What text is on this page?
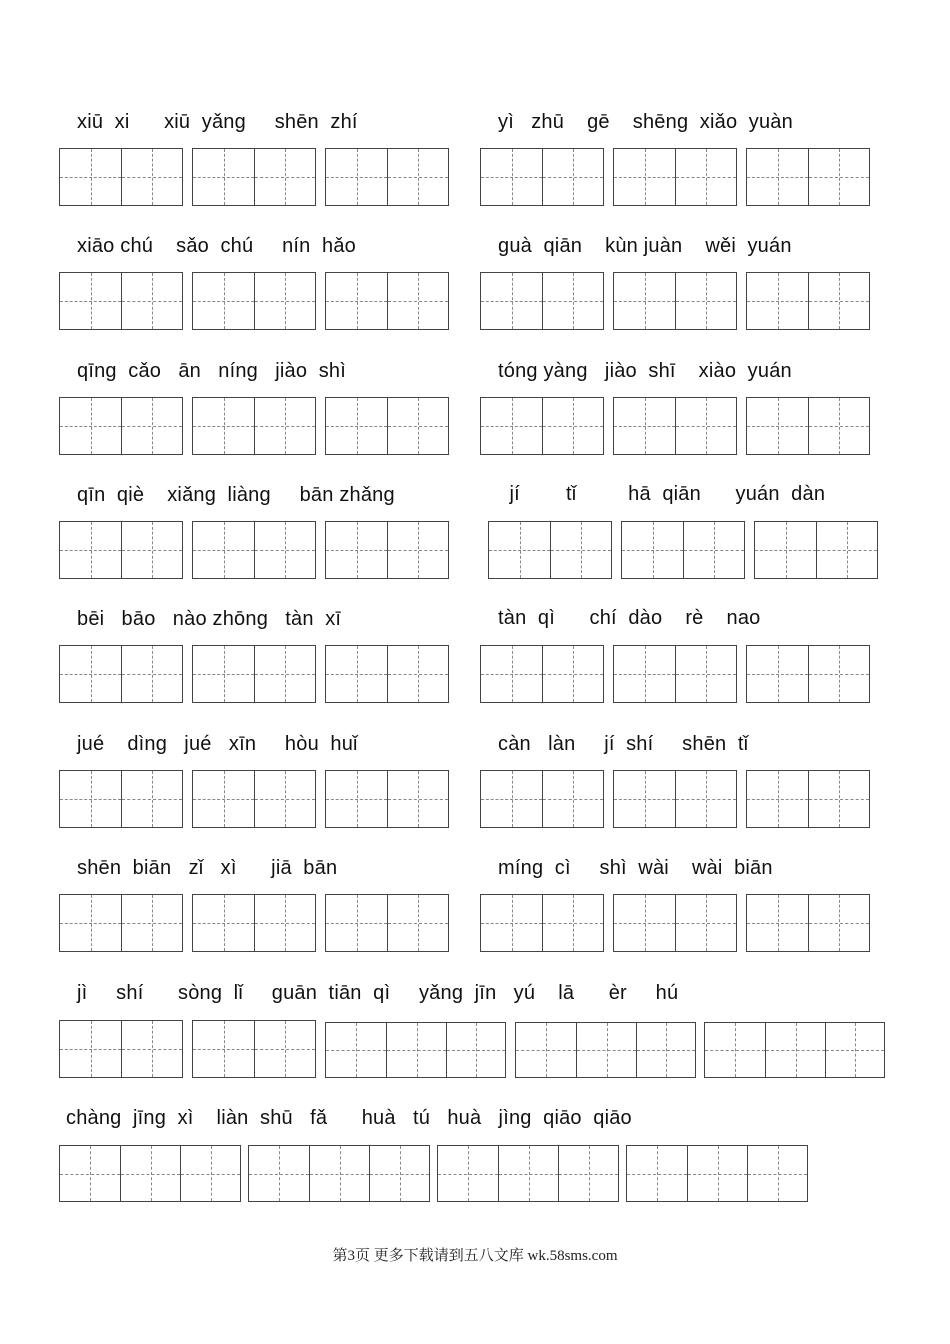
xiū  xi      xiū  yǎng     shēn  zhí	yì   zhū    gē    shēng  xiǎo  yuàn
xiāo chú    sǎo  chú     nín  hǎo	guà  qiān    kùn juàn    wěi  yuán
qīng  cǎo   ān   níng   jiào  shì	tóng yàng   jiào  shī    xiào  yuán
qīn  qiè    xiǎng  liàng     bān zhǎng	jí        tǐ         hā  qiān      yuán  dàn
bēi   bāo   nào zhōng   tàn  xī	tàn  qì      chí  dào    rè    nao
jué    dìng   jué   xīn     hòu  huǐ	càn   làn     jí  shí     shēn  tǐ
shēn  biān   zǐ   xì      jiā  bān	míng  cì     shì  wài    wài  biān
jì     shí      sòng  lǐ     guān  tiān  qì     yǎng  jīn   yú    lā      èr     hú
chàng  jīng  xì    liàn  shū   fǎ      huà   tú   huà   jìng  qiāo  qiāo
第3页 更多下载请到五八文库 wk.58sms.com
